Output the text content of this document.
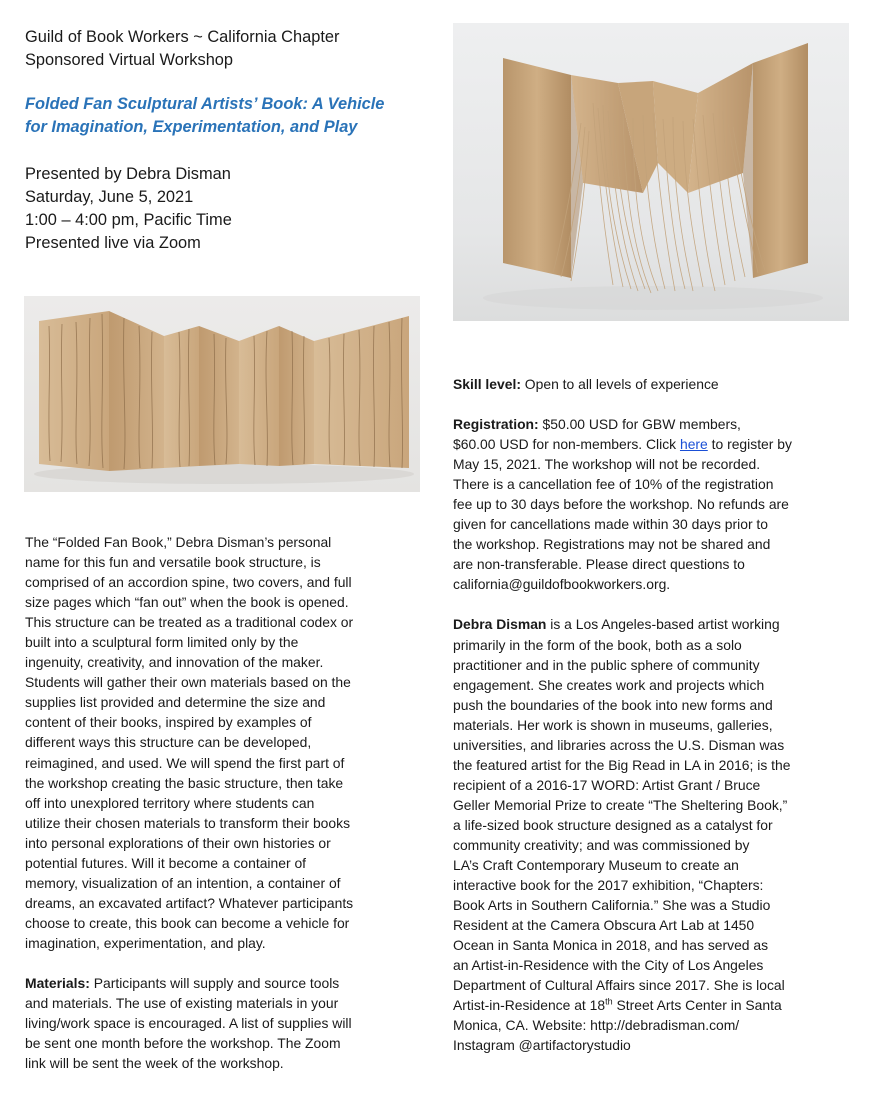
Guild of Book Workers ~ California Chapter
Sponsored Virtual Workshop
Folded Fan Sculptural Artists’ Book: A Vehicle
for Imagination, Experimentation, and Play
Presented by Debra Disman
Saturday, June 5, 2021
1:00 – 4:00 pm, Pacific Time
Presented live via Zoom
The “Folded Fan Book,” Debra Disman’s personal
name for this fun and versatile book structure, is
comprised of an accordion spine, two covers, and full
size pages which “fan out” when the book is opened.
This structure can be treated as a traditional codex or
built into a sculptural form limited only by the
ingenuity, creativity, and innovation of the maker.
Students will gather their own materials based on the
supplies list provided and determine the size and
content of their books, inspired by examples of
different ways this structure can be developed,
reimagined, and used. We will spend the first part of
the workshop creating the basic structure, then take
off into unexplored territory where students can
utilize their chosen materials to transform their books
into personal explorations of their own histories or
potential futures. Will it become a container of
memory, visualization of an intention, a container of
dreams, an excavated artifact? Whatever participants
choose to create, this book can become a vehicle for
imagination, experimentation, and play.
Materials: Participants will supply and source tools
and materials. The use of existing materials in your
living/work space is encouraged. A list of supplies will
be sent one month before the workshop. The Zoom
link will be sent the week of the workshop.
Skill level: Open to all levels of experience
Registration: $50.00 USD for GBW members,
$60.00 USD for non-members. Click here to register by
May 15, 2021. The workshop will not be recorded.
There is a cancellation fee of 10% of the registration
fee up to 30 days before the workshop. No refunds are
given for cancellations made within 30 days prior to
the workshop. Registrations may not be shared and
are non-transferable. Please direct questions to
california@guildofbookworkers.org.
Debra Disman is a Los Angeles-based artist working
primarily in the form of the book, both as a solo
practitioner and in the public sphere of community
engagement. She creates work and projects which
push the boundaries of the book into new forms and
materials. Her work is shown in museums, galleries,
universities, and libraries across the U.S. Disman was
the featured artist for the Big Read in LA in 2016; is the
recipient of a 2016-17 WORD: Artist Grant / Bruce
Geller Memorial Prize to create “The Sheltering Book,”
a life-sized book structure designed as a catalyst for
community creativity; and was commissioned by
LA’s Craft Contemporary Museum to create an
interactive book for the 2017 exhibition, “Chapters:
Book Arts in Southern California.” She was a Studio
Resident at the Camera Obscura Art Lab at 1450
Ocean in Santa Monica in 2018, and has served as
an Artist-in-Residence with the City of Los Angeles
Department of Cultural Affairs since 2017. She is local
Artist-in-Residence at 18th Street Arts Center in Santa
Monica, CA. Website: http://debradisman.com/
Instagram @artifactorystudio
